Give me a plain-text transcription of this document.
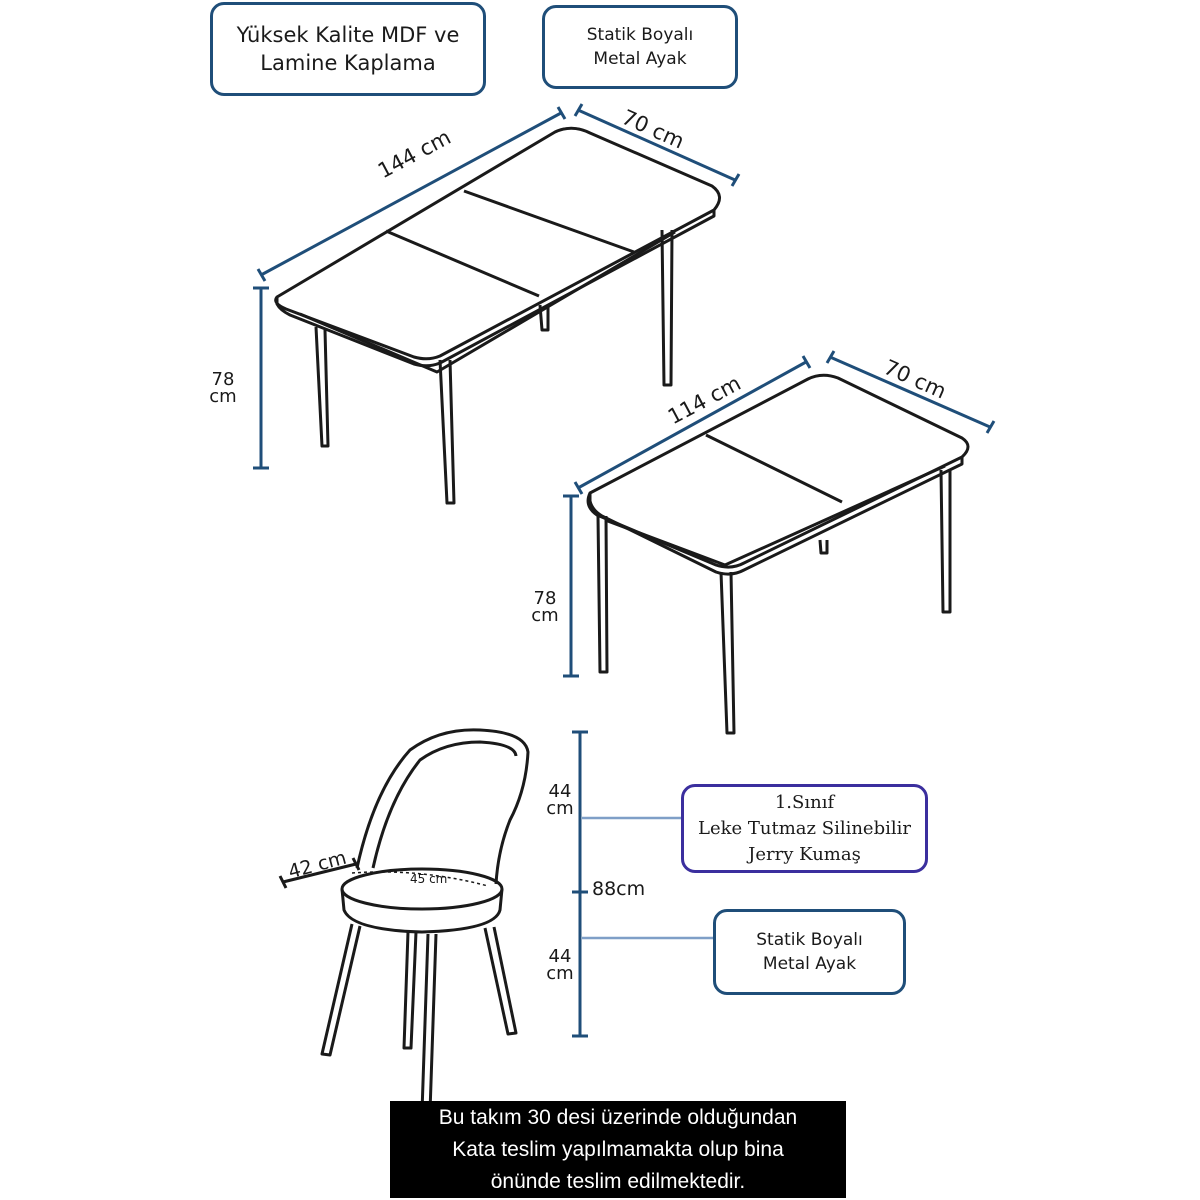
Yüksek Kalite MDF ve
Lamine Kaplama
Statik Boyalı
Metal Ayak
1.Sınıf
Leke Tutmaz Silinebilir
Jerry Kumaş
Statik Boyalı
Metal Ayak
144 cm	70 cm
78
cm	114 cm	70 cm
78
cm
42 cm	45 cm
44
cm
88cm
44
cm
Bu takım 30 desi üzerinde olduğundan
Kata teslim yapılmamakta olup bina
önünde teslim edilmektedir.
